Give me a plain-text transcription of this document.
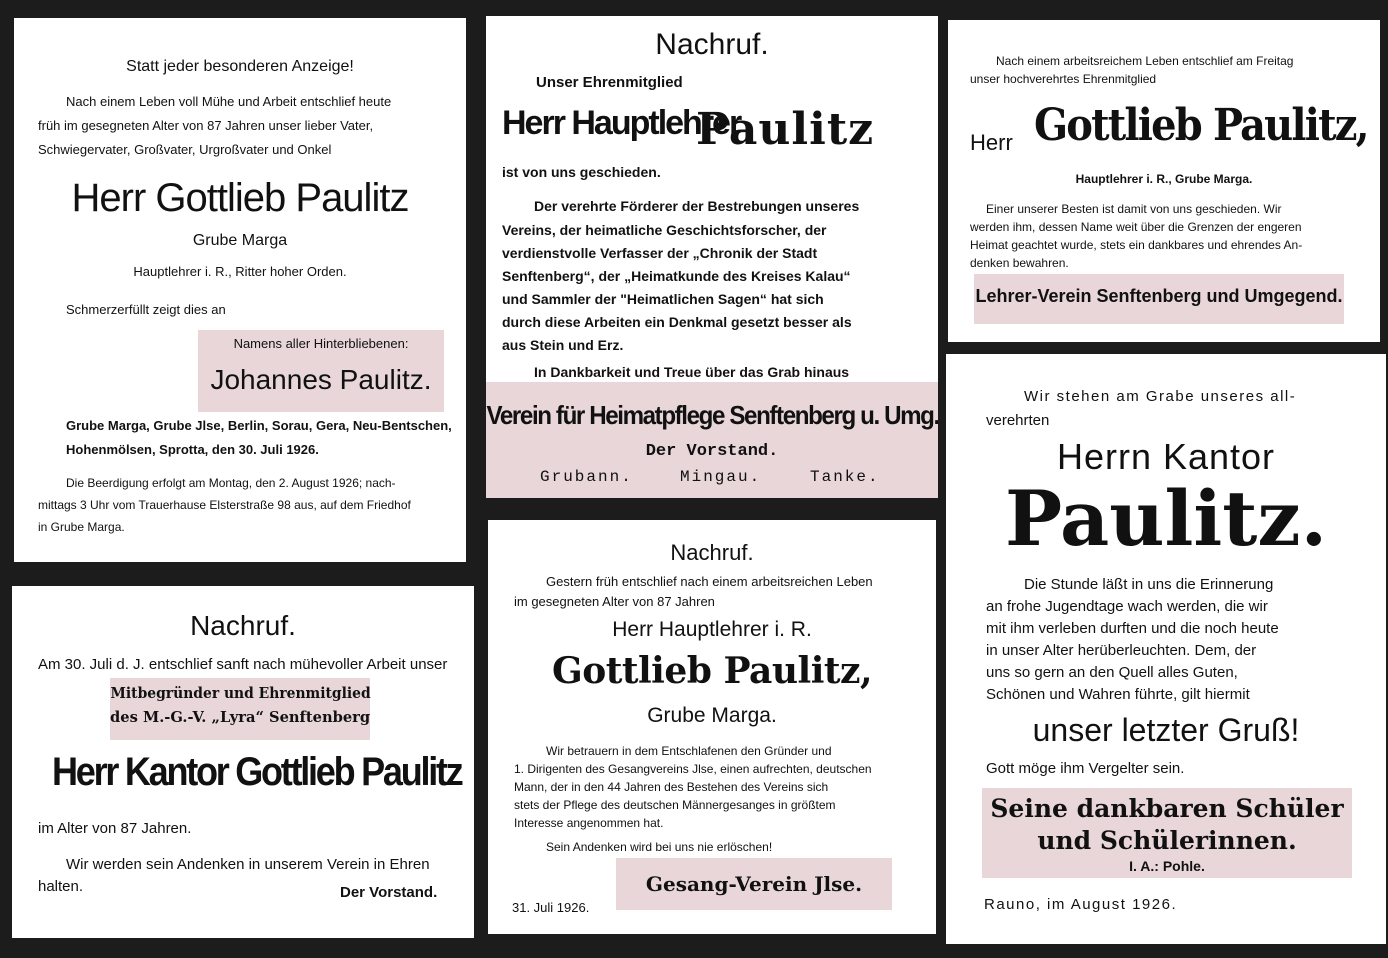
Statt jeder besonderen Anzeige!
Nach einem Leben voll Mühe und Arbeit entschlief heute
früh im gesegneten Alter von 87 Jahren unser lieber Vater,
Schwiegervater, Großvater, Urgroßvater und Onkel
Herr Gottlieb Paulitz
Grube Marga
Hauptlehrer i. R., Ritter hoher Orden.
Schmerzerfüllt zeigt dies an
Namens aller Hinterbliebenen:
Johannes Paulitz.
Grube Marga, Grube Jlse, Berlin, Sorau, Gera, Neu-Bentschen,
Hohenmölsen, Sprotta, den 30. Juli 1926.
Die Beerdigung erfolgt am Montag, den 2. August 1926; nach-
mittags 3 Uhr vom Trauerhause Elsterstraße 98 aus, auf dem Friedhof
in Grube Marga.
Nachruf.
Unser Ehrenmitglied
Herr Hauptlehrer
Paulitz
ist von uns geschieden.
Der verehrte Förderer der Bestrebungen unseres
Vereins, der heimatliche Geschichtsforscher, der
verdienstvolle Verfasser der „Chronik der Stadt
Senftenberg“, der „Heimatkunde des Kreises Kalau“
und Sammler der "Heimatlichen Sagen“ hat sich
durch diese Arbeiten ein Denkmal gesetzt besser als
aus Stein und Erz.
In Dankbarkeit und Treue über das Grab hinaus
Verein für Heimatpflege Senftenberg u. Umg.
Der Vorstand.
Grubann.	Mingau.	Tanke.
Nach einem arbeitsreichem Leben entschlief am Freitag
unser hochverehrtes Ehrenmitglied
Herr Gottlieb Paulitz,
Hauptlehrer i. R., Grube Marga.
Einer unserer Besten ist damit von uns geschieden. Wir
werden ihm, dessen Name weit über die Grenzen der engeren
Heimat geachtet wurde, stets ein dankbares und ehrendes An-
denken bewahren.
Lehrer-Verein Senftenberg und Umgegend.
Nachruf.
Am 30. Juli d. J. entschlief sanft nach mühevoller Arbeit unser
Mitbegründer und Ehrenmitglied
des M.-G.-V. „Lyra“ Senftenberg
Herr Kantor Gottlieb Paulitz
im Alter von 87 Jahren.
Wir werden sein Andenken in unserem Verein in Ehren
halten.	Der Vorstand.
Nachruf.
Gestern früh entschlief nach einem arbeitsreichen Leben
im gesegneten Alter von 87 Jahren
Herr Hauptlehrer i. R.
Gottlieb Paulitz,
Grube Marga.
Wir betrauern in dem Entschlafenen den Gründer und
1. Dirigenten des Gesangvereins Jlse, einen aufrechten, deutschen
Mann, der in den 44 Jahren des Bestehen des Vereins sich
stets der Pflege des deutschen Männergesanges in größtem
Interesse angenommen hat.
Sein Andenken wird bei uns nie erlöschen!
Gesang-Verein Jlse.
31. Juli 1926.
Wir stehen am Grabe unseres all-
verehrten
Herrn Kantor
Paulitz.
Die Stunde läßt in uns die Erinnerung
an frohe Jugendtage wach werden, die wir
mit ihm verleben durften und die noch heute
in unser Alter herüberleuchten. Dem, der
uns so gern an den Quell alles Guten,
Schönen und Wahren führte, gilt hiermit
unser letzter Gruß!
Gott möge ihm Vergelter sein.
Seine dankbaren Schüler
und Schülerinnen.
I. A.: Pohle.
Rauno, im August 1926.
